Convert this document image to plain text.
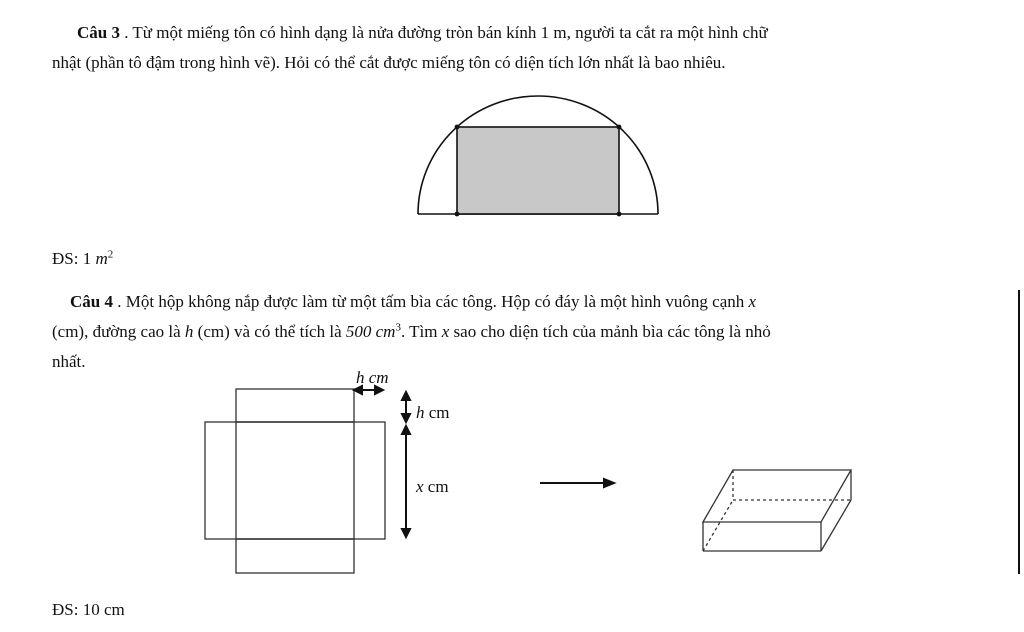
Câu 3 . Từ một miếng tôn có hình dạng là nửa đường tròn bán kính 1 m, người ta cắt ra một hình chữ

nhật (phần tô đậm trong hình vẽ). Hỏi có thể cắt được miếng tôn có diện tích lớn nhất là bao nhiêu.

h cm
h cm
x cm

ĐS: 1 $m^2$

Câu 4 . Một hộp không nắp được làm từ một tấm bìa các tông. Hộp có đáy là một hình vuông cạnh x

(cm), đường cao là h (cm) và có thể tích là 500 $cm^3$. Tìm x sao cho diện tích của mảnh bìa các tông là nhỏ

nhất.

ĐS: 10 cm
